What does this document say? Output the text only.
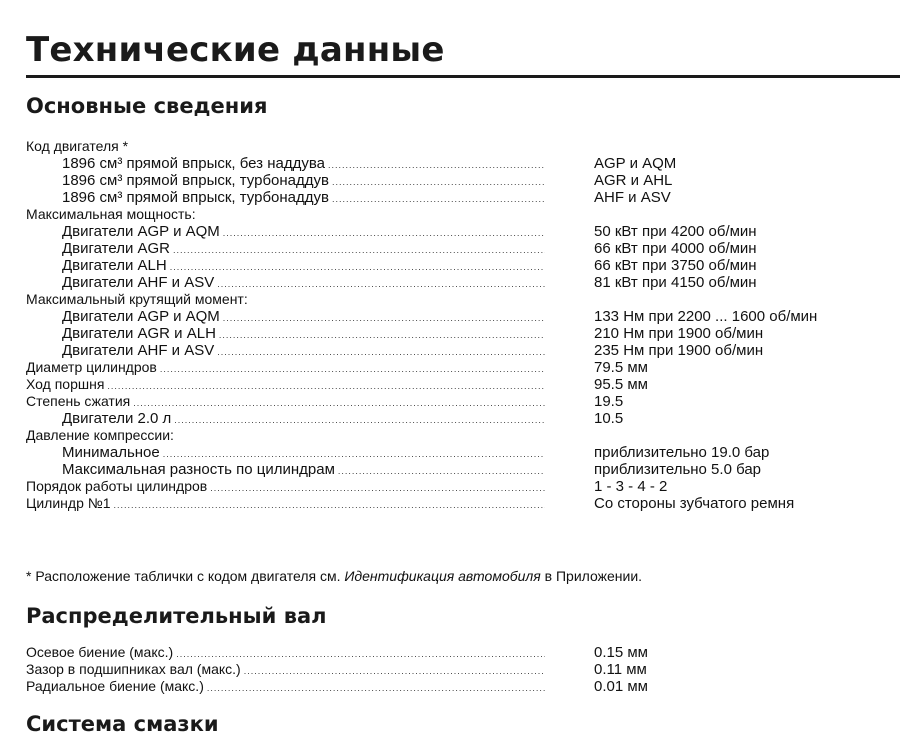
Технические данные
Основные сведения
Код двигателя *
1896 см³ прямой впрыск, без наддува .....	AGP и AQM
1896 см³ прямой впрыск, турбонаддув .....	AGR и AHL
1896 см³ прямой впрыск, турбонаддув .....	AHF и ASV
Максимальная мощность:
Двигатели AGP и AQM .....	50 кВт при 4200 об/мин
Двигатели AGR .....	66 кВт при 4000 об/мин
Двигатели ALH .....	66 кВт при 3750 об/мин
Двигатели AHF и ASV .....	81 кВт при 4150 об/мин
Максимальный крутящий момент:
Двигатели AGP и AQM .....	133 Нм при 2200 ... 1600 об/мин
Двигатели AGR и ALH .....	210 Нм при 1900 об/мин
Двигатели AHF и ASV .....	235 Нм при 1900 об/мин
Диаметр цилиндров .....	79.5 мм
Ход поршня .....	95.5 мм
Степень сжатия .....	19.5
Двигатели 2.0 л .....	10.5
Давление компрессии:
Минимальное .....	приблизительно 19.0 бар
Максимальная разность по цилиндрам .....	приблизительно 5.0 бар
Порядок работы цилиндров .....	1 - 3 - 4 - 2
Цилиндр №1 .....	Со стороны зубчатого ремня
* Расположение таблички с кодом двигателя см. Идентификация автомобиля в Приложении.
Распределительный вал
Осевое биение (макс.) .....	0.15 мм
Зазор в подшипниках вал (макс.) .....	0.11 мм
Радиальное биение (макс.) .....	0.01 мм
Система смазки
